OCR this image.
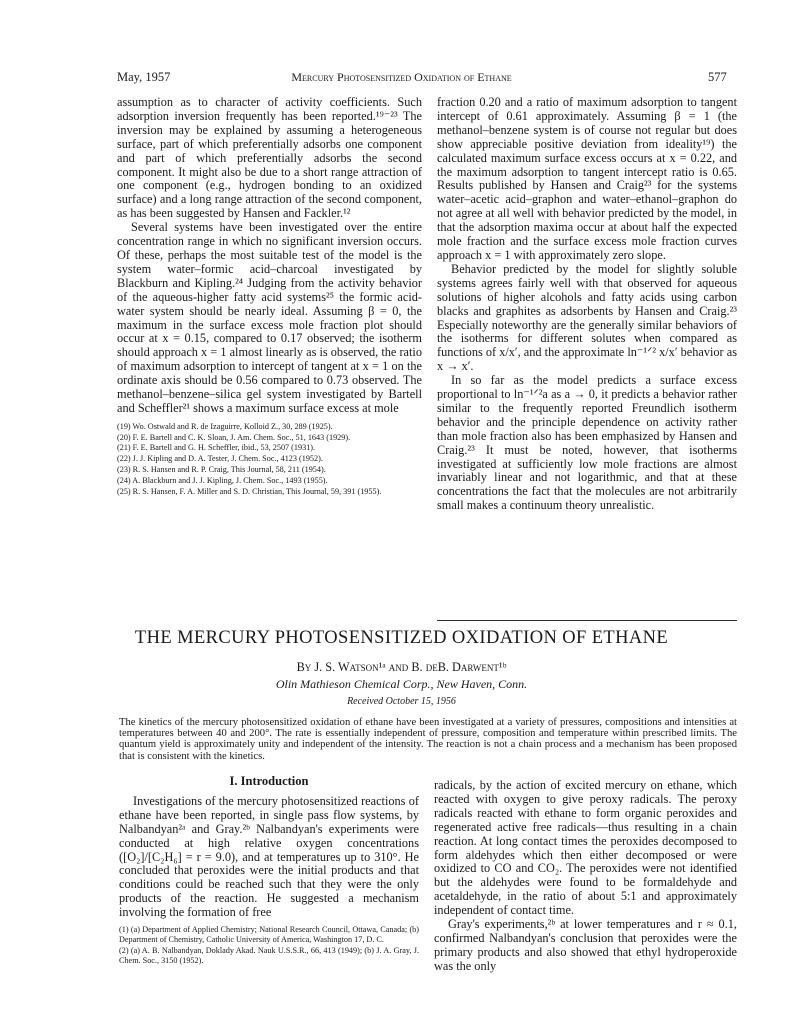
May, 1957	Mercury Photosensitized Oxidation of Ethane	577

assumption as to character of activity coefficients. Such adsorption inversion frequently has been reported.¹⁹⁻²³ The inversion may be explained by assuming a heterogeneous surface, part of which preferentially adsorbs one component and part of which preferentially adsorbs the second component. It might also be due to a short range attraction of one component (e.g., hydrogen bonding to an oxidized surface) and a long range attraction of the second component, as has been suggested by Hansen and Fackler.¹²

Several systems have been investigated over the entire concentration range in which no significant inversion occurs. Of these, perhaps the most suitable test of the model is the system water–formic acid–charcoal investigated by Blackburn and Kipling.²⁴ Judging from the activity behavior of the aqueous-higher fatty acid systems²⁵ the formic acid-water system should be nearly ideal. Assuming β = 0, the maximum in the surface excess mole fraction plot should occur at x = 0.15, compared to 0.17 observed; the isotherm should approach x = 1 almost linearly as is observed, the ratio of maximum adsorption to intercept of tangent at x = 1 on the ordinate axis should be 0.56 compared to 0.73 observed. The methanol–benzene–silica gel system investigated by Bartell and Scheffler²¹ shows a maximum surface excess at mole

(19) Wo. Ostwald and R. de Izaguirre, Kolloid Z., 30, 289 (1925).

(20) F. E. Bartell and C. K. Sloan, J. Am. Chem. Soc., 51, 1643 (1929).

(21) F. E. Bartell and G. H. Scheffler, ibid., 53, 2507 (1931).

(22) J. J. Kipling and D. A. Tester, J. Chem. Soc., 4123 (1952).

(23) R. S. Hansen and R. P. Craig, This Journal, 58, 211 (1954).

(24) A. Blackburn and J. J. Kipling, J. Chem. Soc., 1493 (1955).

(25) R. S. Hansen, F. A. Miller and S. D. Christian, This Journal, 59, 391 (1955).

fraction 0.20 and a ratio of maximum adsorption to tangent intercept of 0.61 approximately. Assuming β = 1 (the methanol–benzene system is of course not regular but does show appreciable positive deviation from ideality¹⁹) the calculated maximum surface excess occurs at x = 0.22, and the maximum adsorption to tangent intercept ratio is 0.65. Results published by Hansen and Craig²³ for the systems water–acetic acid–graphon and water–ethanol–graphon do not agree at all well with behavior predicted by the model, in that the adsorption maxima occur at about half the expected mole fraction and the surface excess mole fraction curves approach x = 1 with approximately zero slope.

Behavior predicted by the model for slightly soluble systems agrees fairly well with that observed for aqueous solutions of higher alcohols and fatty acids using carbon blacks and graphites as adsorbents by Hansen and Craig.²³ Especially noteworthy are the generally similar behaviors of the isotherms for different solutes when compared as functions of x/x′, and the approximate ln⁻¹ᐟ² x/x′ behavior as x → x′.

In so far as the model predicts a surface excess proportional to ln⁻¹ᐟ²a as a → 0, it predicts a behavior rather similar to the frequently reported Freundlich isotherm behavior and the principle dependence on activity rather than mole fraction also has been emphasized by Hansen and Craig.²³ It must be noted, however, that isotherms investigated at sufficiently low mole fractions are almost invariably linear and not logarithmic, and that at these concentrations the fact that the molecules are not arbitrarily small makes a continuum theory unrealistic.

THE MERCURY PHOTOSENSITIZED OXIDATION OF ETHANE
By J. S. Watson¹ᵃ and B. deB. Darwent¹ᵇ
Olin Mathieson Chemical Corp., New Haven, Conn.
Received October 15, 1956
The kinetics of the mercury photosensitized oxidation of ethane have been investigated at a variety of pressures, compositions and intensities at temperatures between 40 and 200°. The rate is essentially independent of pressure, composition and temperature within prescribed limits. The quantum yield is approximately unity and independent of the intensity. The reaction is not a chain process and a mechanism has been proposed that is consistent with the kinetics.
I. Introduction

Investigations of the mercury photosensitized reactions of ethane have been reported, in single pass flow systems, by Nalbandyan²ᵃ and Gray.²ᵇ Nalbandyan's experiments were conducted at high relative oxygen concentrations ([O₂]/[C₂H₆] = r = 9.0), and at temperatures up to 310°. He concluded that peroxides were the initial products and that conditions could be reached such that they were the only products of the reaction. He suggested a mechanism involving the formation of free

(1) (a) Department of Applied Chemistry; National Research Council, Ottawa, Canada; (b) Department of Chemistry, Catholic University of America, Washington 17, D. C.

(2) (a) A. B. Nalbandyan, Doklady Akad. Nauk U.S.S.R., 66, 413 (1949); (b) J. A. Gray, J. Chem. Soc., 3150 (1952).

radicals, by the action of excited mercury on ethane, which reacted with oxygen to give peroxy radicals. The peroxy radicals reacted with ethane to form organic peroxides and regenerated active free radicals—thus resulting in a chain reaction. At long contact times the peroxides decomposed to form aldehydes which then either decomposed or were oxidized to CO and CO₂. The peroxides were not identified but the aldehydes were found to be formaldehyde and acetaldehyde, in the ratio of about 5:1 and approximately independent of contact time.

Gray's experiments,²ᵇ at lower temperatures and r ≈ 0.1, confirmed Nalbandyan's conclusion that peroxides were the primary products and also showed that ethyl hydroperoxide was the only
